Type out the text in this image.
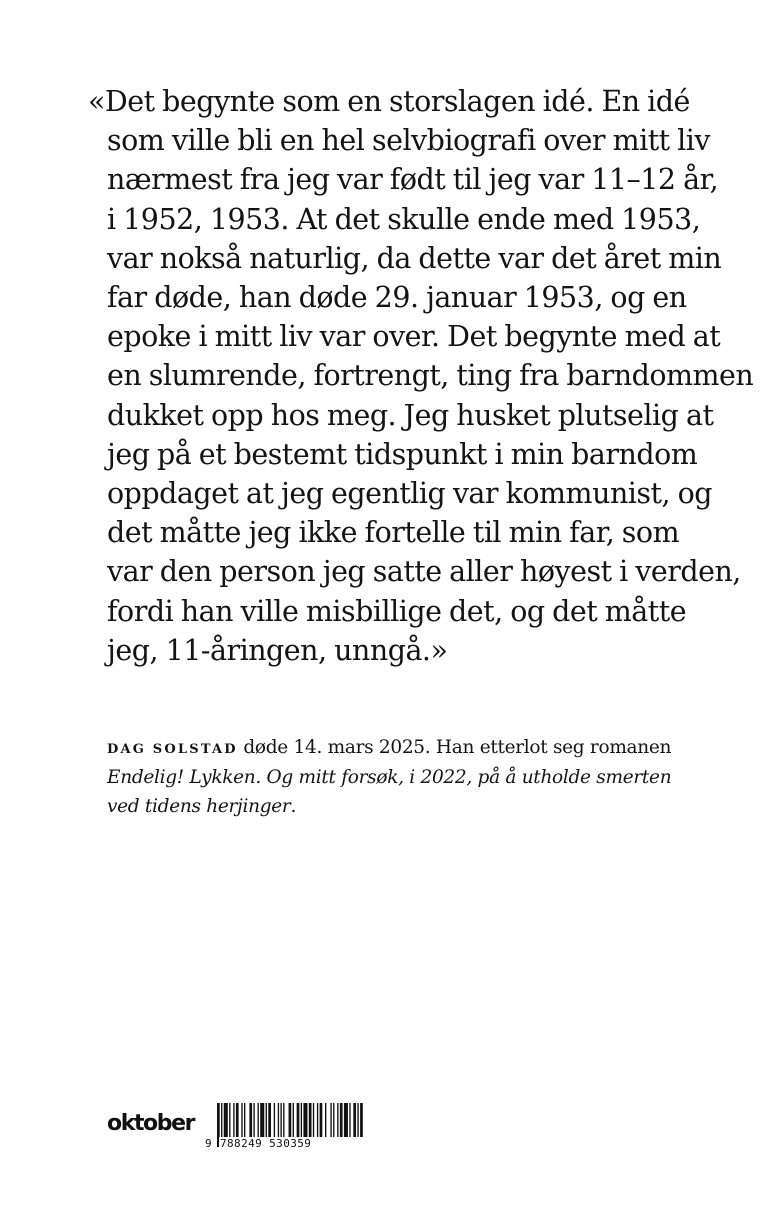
«Det begynte som en storslagen idé. En idé
som ville bli en hel selvbiografi over mitt liv
nærmest fra jeg var født til jeg var 11–12 år,
i 1952, 1953. At det skulle ende med 1953,
var nokså naturlig, da dette var det året min
far døde, han døde 29. januar 1953, og en
epoke i mitt liv var over. Det begynte med at
en slumrende, fortrengt, ting fra barndommen
dukket opp hos meg. Jeg husket plutselig at
jeg på et bestemt tidspunkt i min barndom
oppdaget at jeg egentlig var kommunist, og
det måtte jeg ikke fortelle til min far, som
var den person jeg satte aller høyest i verden,
fordi han ville misbillige det, og det måtte
jeg, 11-åringen, unngå.»
DAG SOLSTAD døde 14. mars 2025. Han etterlot seg romanen
Endelig! Lykken. Og mitt forsøk, i 2022, på å utholde smerten
ved tidens herjinger.
oktober
9 788249 530359
